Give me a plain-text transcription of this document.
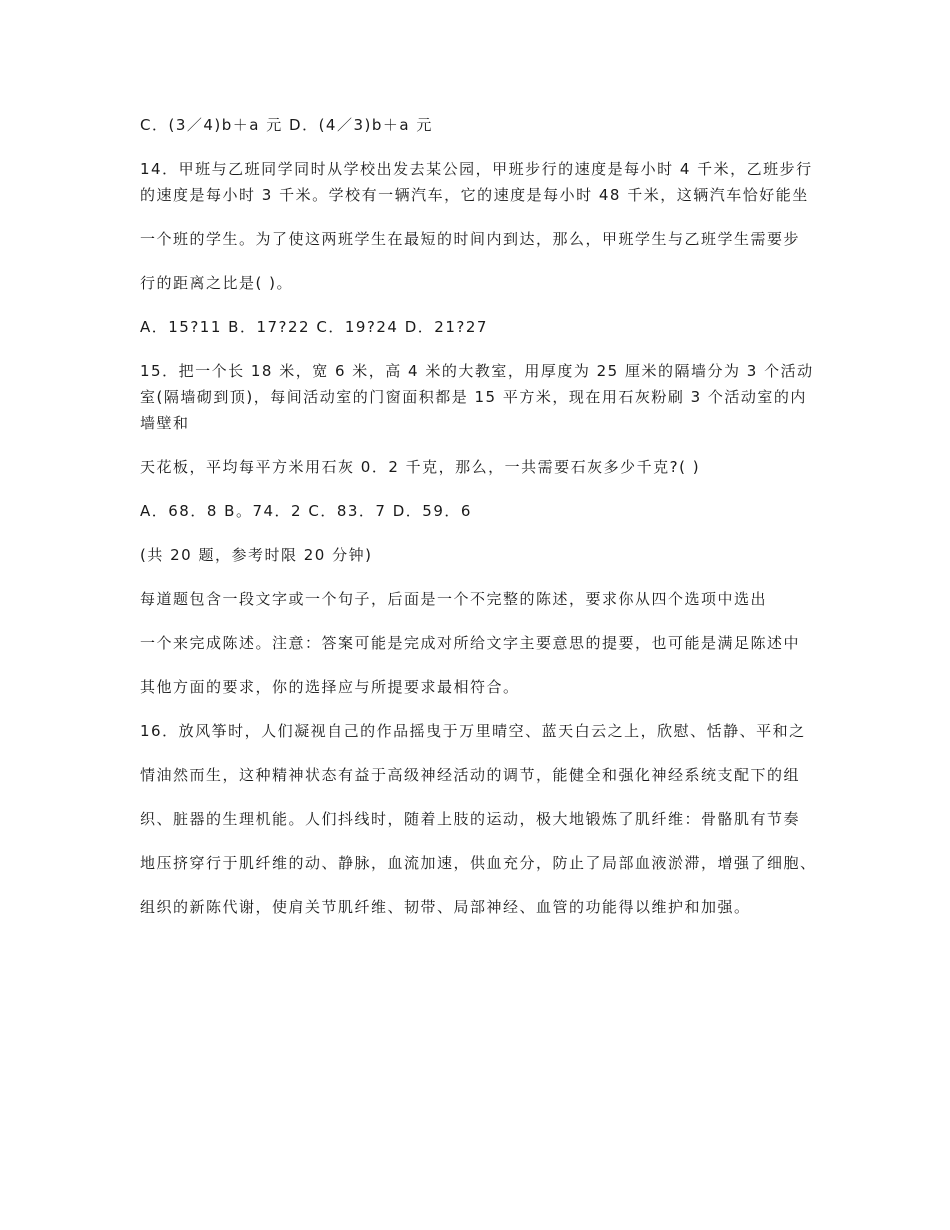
C．(3／4)b＋a 元 D．(4／3)b＋a 元

14．甲班与乙班同学同时从学校出发去某公园，甲班步行的速度是每小时 4 千米，乙班步行的速度是每小时 3 千米。学校有一辆汽车，它的速度是每小时 48 千米，这辆汽车恰好能坐

一个班的学生。为了使这两班学生在最短的时间内到达，那么，甲班学生与乙班学生需要步

行的距离之比是( )。

A．15?11 B．17?22 C．19?24 D．21?27

15．把一个长 18 米，宽 6 米，高 4 米的大教室，用厚度为 25 厘米的隔墙分为 3 个活动室(隔墙砌到顶)，每间活动室的门窗面积都是 15 平方米，现在用石灰粉刷 3 个活动室的内墙壁和

天花板，平均每平方米用石灰 0．2 千克，那么，一共需要石灰多少千克?( )

A．68．8 B。74．2 C．83．7 D．59．6

(共 20 题，参考时限 20 分钟)

每道题包含一段文字或一个句子，后面是一个不完整的陈述，要求你从四个选项中选出

一个来完成陈述。注意：答案可能是完成对所给文字主要意思的提要，也可能是满足陈述中

其他方面的要求，你的选择应与所提要求最相符合。

16．放风筝时，人们凝视自己的作品摇曳于万里晴空、蓝天白云之上，欣慰、恬静、平和之

情油然而生，这种精神状态有益于高级神经活动的调节，能健全和强化神经系统支配下的组

织、脏器的生理机能。人们抖线时，随着上肢的运动，极大地锻炼了肌纤维：骨骼肌有节奏

地压挤穿行于肌纤维的动、静脉，血流加速，供血充分，防止了局部血液淤滞，增强了细胞、

组织的新陈代谢，使肩关节肌纤维、韧带、局部神经、血管的功能得以维护和加强。
